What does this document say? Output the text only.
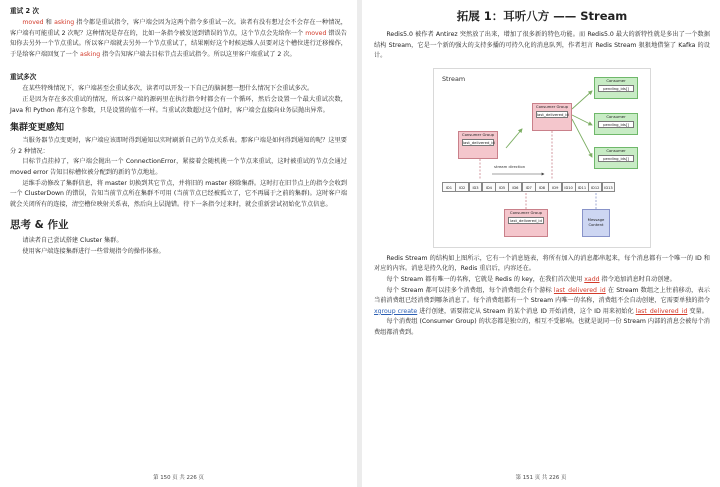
重试 2 次

moved 和 asking 指令都是重试指令，客户端会因为这两个指令多重试一次。读者有没有想过会不会存在一种情况，客户端有可能重试 2 次呢？这种情况是存在的，比如一条指令被发送到错误的节点，这个节点会先给你一个 moved 错误告知你去另外一个节点重试。所以客户端就去另外一个节点重试了，结果刚好这个时候运维人员要对这个槽位进行迁移操作，于是给客户端回复了一个 asking 指令告知客户端去目标节点去重试指令。所以这里客户端重试了 2 次。

重试多次

在某些特殊情况下，客户端甚至会重试多次，读者可以开发一下自己的脑洞想一想什么情况下会重试多次。

正是因为存在多次重试的情况，所以客户端的源码里在执行指令时都会有一个循环，然后会设置一个最大重试次数，Java 和 Python 都有这个参数，只是设置的值不一样。当重试次数超过这个值时，客户端会直接向业务层抛出异常。

集群变更感知

当服务器节点变更时，客户端应该即时得到通知以实时刷新自己的节点关系表。那客户端是如何得到通知的呢？这里要分 2 种情况：

目标节点挂掉了，客户端会抛出一个 ConnectionError，紧接着会随机挑一个节点来重试，这时被重试的节点会通过 moved error 告知目标槽位被分配到的新的节点地址。

运维手动修改了集群信息，将 master 切换到其它节点，并将旧的 master 移除集群。这时打在旧节点上的指令会收到一个 ClusterDown 的错误，告知当前节点所在集群不可用 (当前节点已经被孤立了，它不再属于之前的集群)。这时客户端就会关闭所有的连接，清空槽位映射关系表，然后向上层抛错。待下一条指令过来时，就会重新尝试初始化节点信息。

思考 & 作业

请读者自己尝试搭建 Cluster 集群。

使用客户端连接集群进行一些常规指令的操作体验。

第 150 页 共 226 页
拓展 1：耳听八方 —— Stream

Redis5.0 被作者 Antirez 突然放了出来，增加了很多新的特色功能。而 Redis5.0 最大的新特性就是多出了一个数据结构 Stream，它是一个新的强大的支持多播的可持久化的消息队列，作者坦言 Redis Stream 狠狠地借鉴了 Kafka 的设计。

Stream
Consumer Group
last_delivered_id
Consumer Group
last_delivered_id
Consumer
pending_ids[]
Consumer
pending_ids[]
Consumer
pending_ids[]
stream direction
ID1	ID2	ID3	ID4	ID5	ID6	ID7	ID8	ID9	ID10	ID11	ID12	ID13
Consumer Group
last_delivered_id	Message Content

Redis Stream 的结构如上图所示，它有一个消息链表，将所有加入的消息都串起来，每个消息都有一个唯一的 ID 和对应的内容。消息是持久化的，Redis 重启后，内容还在。

每个 Stream 都有唯一的名称，它就是 Redis 的 key，在我们首次使用 xadd 指令追加消息时自动创建。

每个 Stream 都可以挂多个消费组，每个消费组会有个游标 last_delivered_id 在 Stream 数组之上往前移动，表示当前消费组已经消费到哪条消息了。每个消费组都有一个 Stream 内唯一的名称，消费组不会自动创建，它需要单独的指令 xgroup create 进行创建，需要指定从 Stream 的某个消息 ID 开始消费，这个 ID 用来初始化 last_delivered_id 变量。

每个消费组 (Consumer Group) 的状态都是独立的，相互不受影响。也就是说同一份 Stream 内部的消息会被每个消费组都消费到。

第 151 页 共 226 页
